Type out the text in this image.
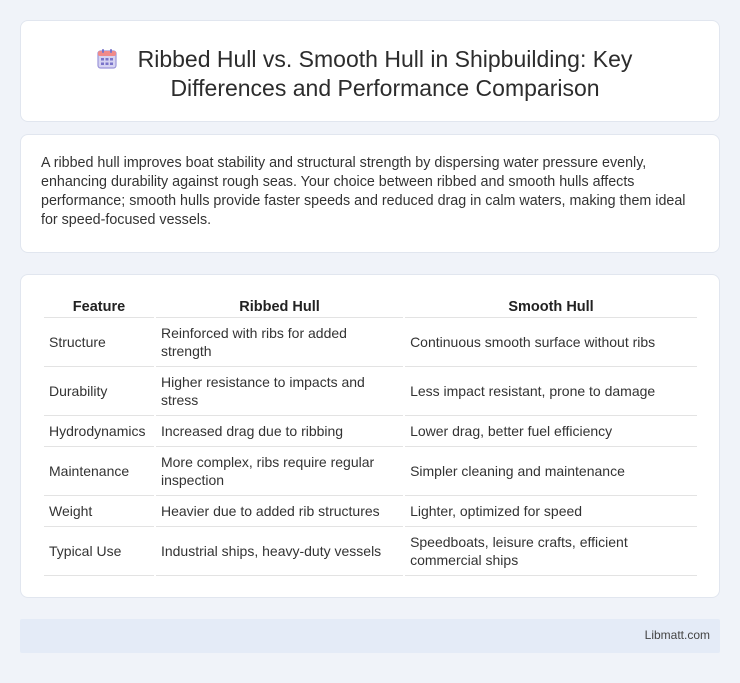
Ribbed Hull vs. Smooth Hull in Shipbuilding: Key Differences and Performance Comparison

A ribbed hull improves boat stability and structural strength by dispersing water pressure evenly, enhancing durability against rough seas. Your choice between ribbed and smooth hulls affects performance; smooth hulls provide faster speeds and reduced drag in calm waters, making them ideal for speed-focused vessels.

Feature	Ribbed Hull	Smooth Hull
Structure	Reinforced with ribs for added strength	Continuous smooth surface without ribs
Durability	Higher resistance to impacts and stress	Less impact resistant, prone to damage
Hydrodynamics	Increased drag due to ribbing	Lower drag, better fuel efficiency
Maintenance	More complex, ribs require regular inspection	Simpler cleaning and maintenance
Weight	Heavier due to added rib structures	Lighter, optimized for speed
Typical Use	Industrial ships, heavy-duty vessels	Speedboats, leisure crafts, efficient commercial ships
Libmatt.com
